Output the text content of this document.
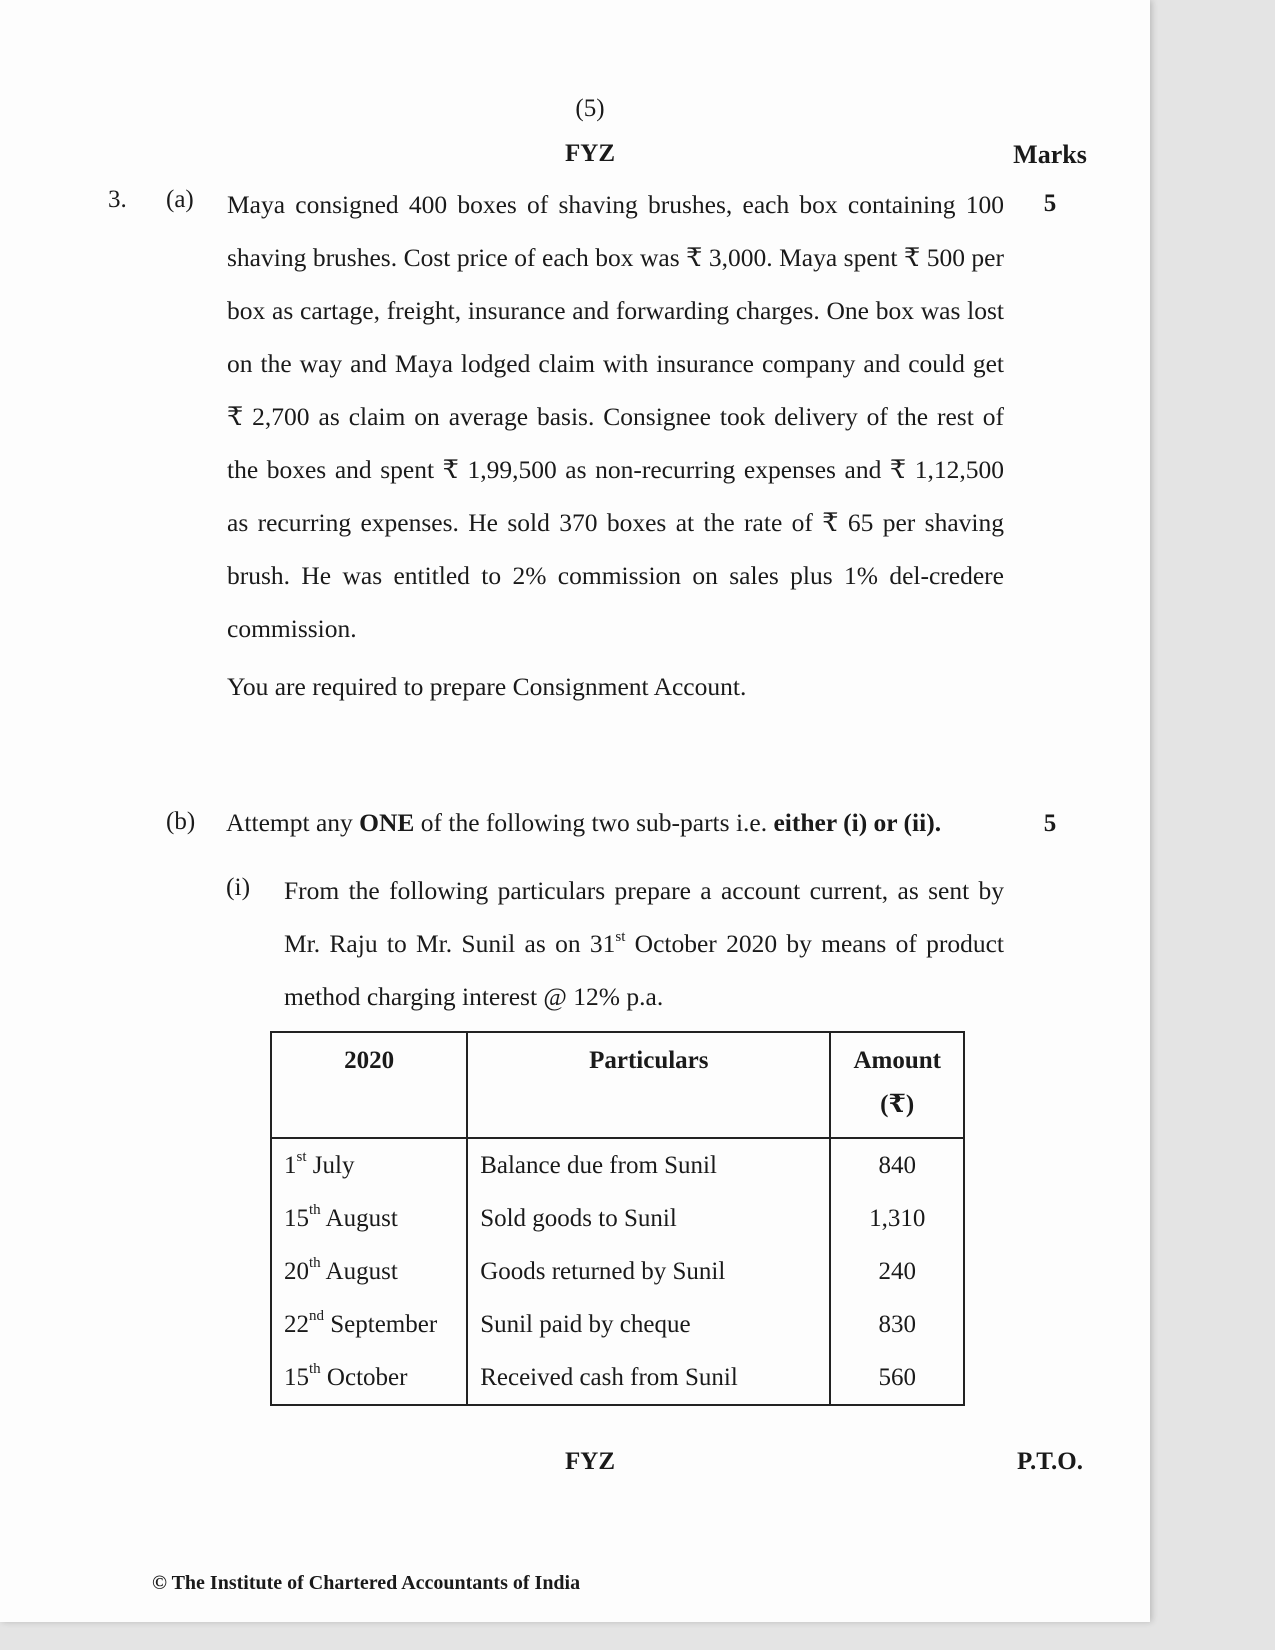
(5)
FYZ	Marks
3. (a)	5
Maya consigned 400 boxes of shaving brushes, each box containing 100 shaving brushes. Cost price of each box was ₹ 3,000. Maya spent ₹ 500 per box as cartage, freight, insurance and forwarding charges. One box was lost on the way and Maya lodged claim with insurance company and could get ₹ 2,700 as claim on average basis. Consignee took delivery of the rest of the boxes and spent ₹ 1,99,500 as non-recurring expenses and ₹ 1,12,500 as recurring expenses. He sold 370 boxes at the rate of ₹ 65 per shaving brush. He was entitled to 2% commission on sales plus 1% del-credere commission.
You are required to prepare Consignment Account.
(b)	5
Attempt any ONE of the following two sub-parts i.e. either (i) or (ii).
(i) From the following particulars prepare a account current, as sent by Mr. Raju to Mr. Sunil as on 31st October 2020 by means of product method charging interest @ 12% p.a.
2020	Particulars	Amount
(₹)
1st July	Balance due from Sunil	840
15th August	Sold goods to Sunil	1,310
20th August	Goods returned by Sunil	240
22nd September	Sunil paid by cheque	830
15th October	Received cash from Sunil	560
FYZ	P.T.O.
© The Institute of Chartered Accountants of India
